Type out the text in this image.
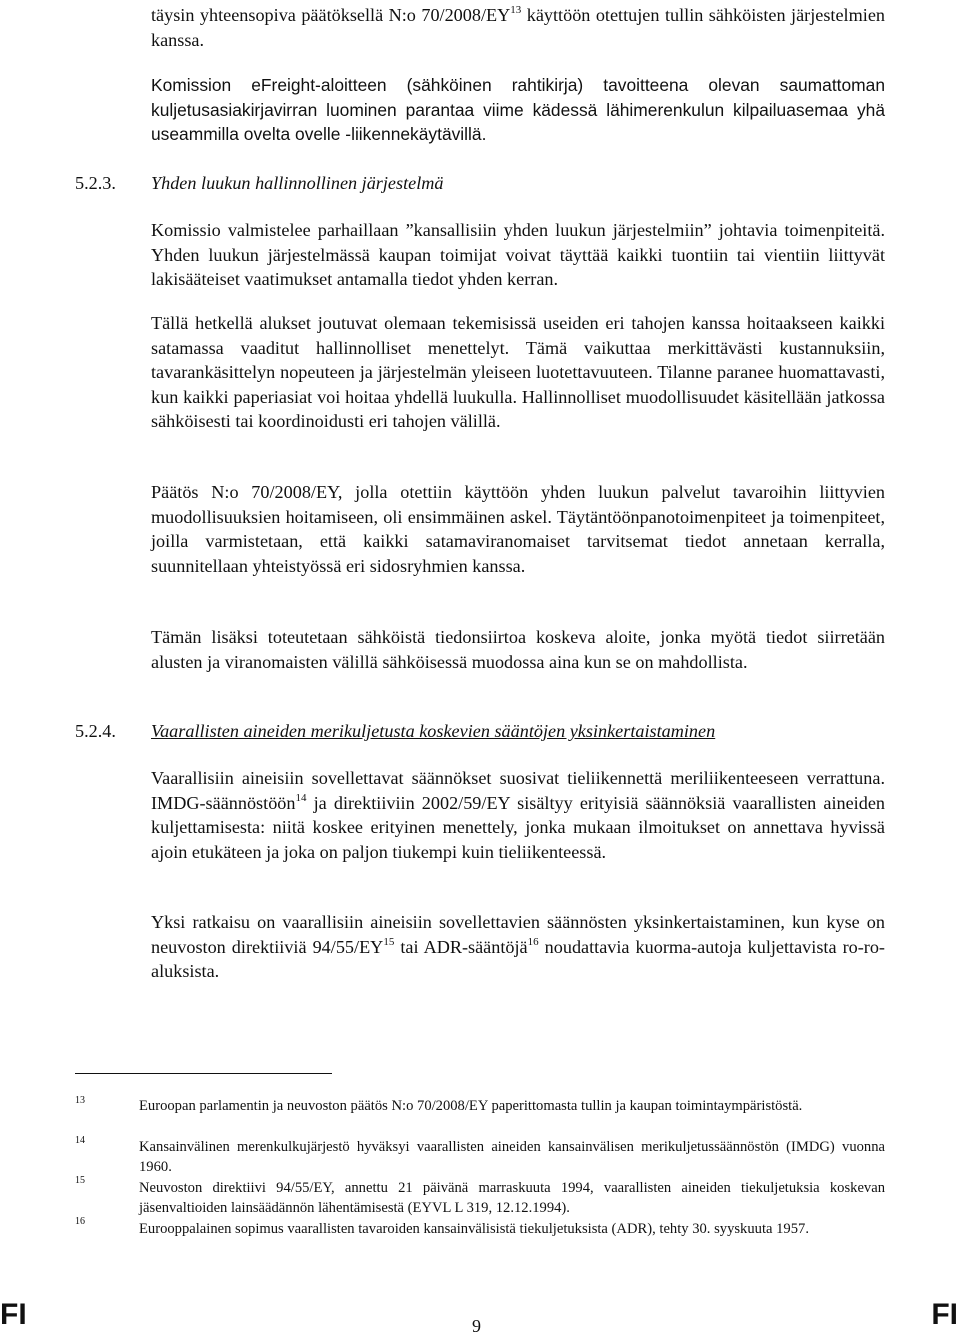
täysin yhteensopiva päätöksellä N:o 70/2008/EY$^{13}$ käyttöön otettujen tullin sähköisten järjestelmien kanssa.

Komission eFreight-aloitteen (sähköinen rahtikirja) tavoitteena olevan saumattoman kuljetusasiakirjavirran luominen parantaa viime kädessä lähimerenkulun kilpailuasemaa yhä useammilla ovelta ovelle -liikennekäytävillä.

5.2.3. Yhden luukun hallinnollinen järjestelmä

Komissio valmistelee parhaillaan ”kansallisiin yhden luukun järjestelmiin” johtavia toimenpiteitä. Yhden luukun järjestelmässä kaupan toimijat voivat täyttää kaikki tuontiin tai vientiin liittyvät lakisääteiset vaatimukset antamalla tiedot yhden kerran.

Tällä hetkellä alukset joutuvat olemaan tekemisissä useiden eri tahojen kanssa hoitaakseen kaikki satamassa vaaditut hallinnolliset menettelyt. Tämä vaikuttaa merkittävästi kustannuksiin, tavarankäsittelyn nopeuteen ja järjestelmän yleiseen luotettavuuteen. Tilanne paranee huomattavasti, kun kaikki paperiasiat voi hoitaa yhdellä luukulla. Hallinnolliset muodollisuudet käsitellään jatkossa sähköisesti tai koordinoidusti eri tahojen välillä.

Päätös N:o 70/2008/EY, jolla otettiin käyttöön yhden luukun palvelut tavaroihin liittyvien muodollisuuksien hoitamiseen, oli ensimmäinen askel. Täytäntöönpanotoimenpiteet ja toimenpiteet, joilla varmistetaan, että kaikki satamaviranomaiset tarvitsemat tiedot annetaan kerralla, suunnitellaan yhteistyössä eri sidosryhmien kanssa.

Tämän lisäksi toteutetaan sähköistä tiedonsiirtoa koskeva aloite, jonka myötä tiedot siirretään alusten ja viranomaisten välillä sähköisessä muodossa aina kun se on mahdollista.

5.2.4. Vaarallisten aineiden merikuljetusta koskevien sääntöjen yksinkertaistaminen

Vaarallisiin aineisiin sovellettavat säännökset suosivat tieliikennettä meriliikenteeseen verrattuna. IMDG-säännöstöön$^{14}$ ja direktiiviin 2002/59/EY sisältyy erityisiä säännöksiä vaarallisten aineiden kuljettamisesta: niitä koskee erityinen menettely, jonka mukaan ilmoitukset on annettava hyvissä ajoin etukäteen ja joka on paljon tiukempi kuin tieliikenteessä.

Yksi ratkaisu on vaarallisiin aineisiin sovellettavien säännösten yksinkertaistaminen, kun kyse on neuvoston direktiiviä 94/55/EY$^{15}$ tai ADR-sääntöjä$^{16}$ noudattavia kuorma-autoja kuljettavista ro-ro-aluksista.

13	Euroopan parlamentin ja neuvoston päätös N:o 70/2008/EY paperittomasta tullin ja kaupan toimintaympäristöstä.
14	Kansainvälinen merenkulkujärjestö hyväksyi vaarallisten aineiden kansainvälisen merikuljetussäännöstön (IMDG) vuonna 1960.
15	Neuvoston direktiivi 94/55/EY, annettu 21 päivänä marraskuuta 1994, vaarallisten aineiden tiekuljetuksia koskevan jäsenvaltioiden lainsäädännön lähentämisestä (EYVL L 319, 12.12.1994).
16	Eurooppalainen sopimus vaarallisten tavaroiden kansainvälisistä tiekuljetuksista (ADR), tehty 30. syyskuuta 1957.
FI	9	FI
